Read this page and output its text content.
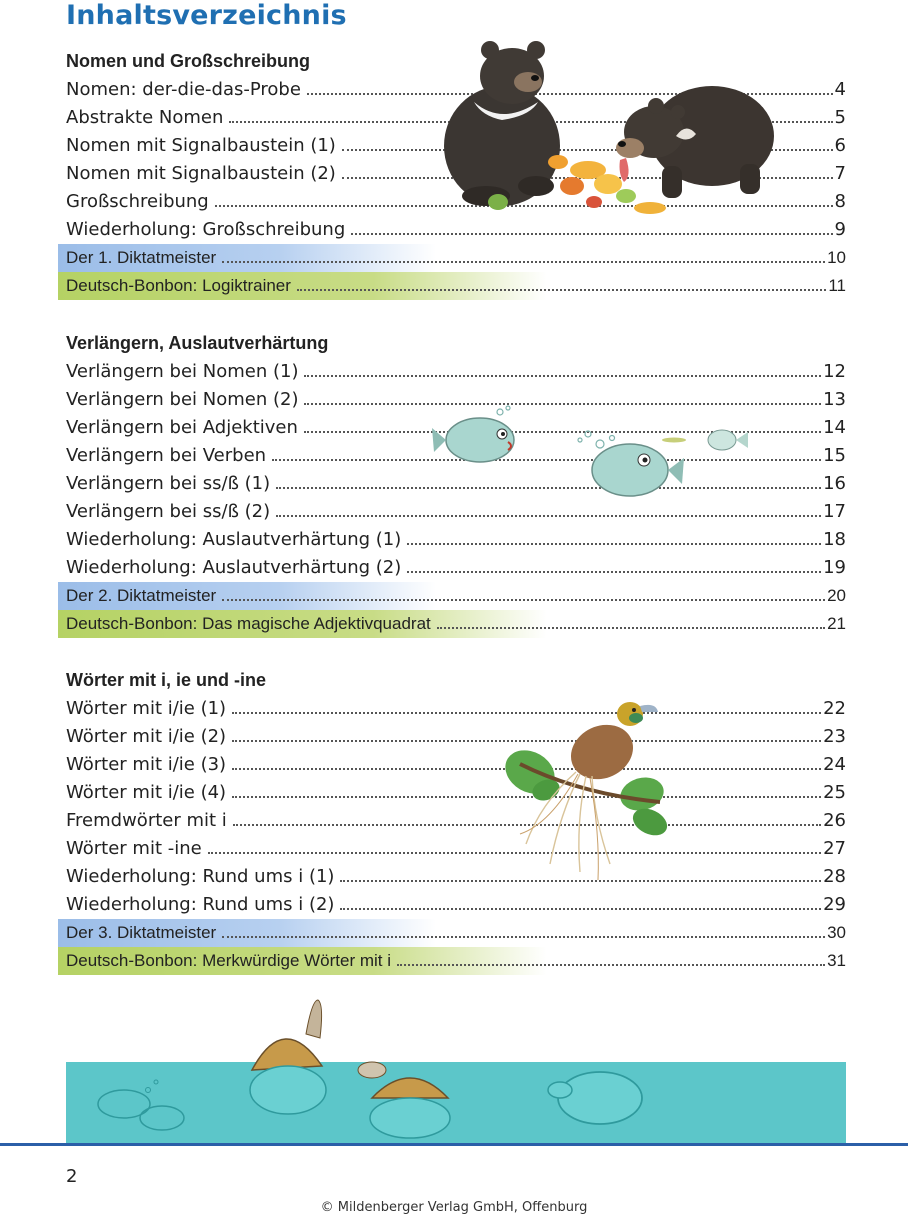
Inhaltsverzeichnis
Nomen und Großschreibung
Nomen: der-die-das-Probe	4
Abstrakte Nomen	5
Nomen mit Signalbaustein (1)	6
Nomen mit Signalbaustein (2)	7
Großschreibung	8
Wiederholung: Großschreibung	9
Der 1. Diktatmeister	10
Deutsch-Bonbon: Logiktrainer	11
Verlängern, Auslautverhärtung
Verlängern bei Nomen (1)	12
Verlängern bei Nomen (2)	13
Verlängern bei Adjektiven	14
Verlängern bei Verben	15
Verlängern bei ss/ß (1)	16
Verlängern bei ss/ß (2)	17
Wiederholung: Auslautverhärtung (1)	18
Wiederholung: Auslautverhärtung (2)	19
Der 2. Diktatmeister	20
Deutsch-Bonbon: Das magische Adjektivquadrat	21
Wörter mit i, ie und -ine
Wörter mit i/ie (1)	22
Wörter mit i/ie (2)	23
Wörter mit i/ie (3)	24
Wörter mit i/ie (4)	25
Fremdwörter mit i	26
Wörter mit -ine	27
Wiederholung: Rund ums i (1)	28
Wiederholung: Rund ums i (2)	29
Der 3. Diktatmeister	30
Deutsch-Bonbon: Merkwürdige Wörter mit i	31
2
© Mildenberger Verlag GmbH, Offenburg
